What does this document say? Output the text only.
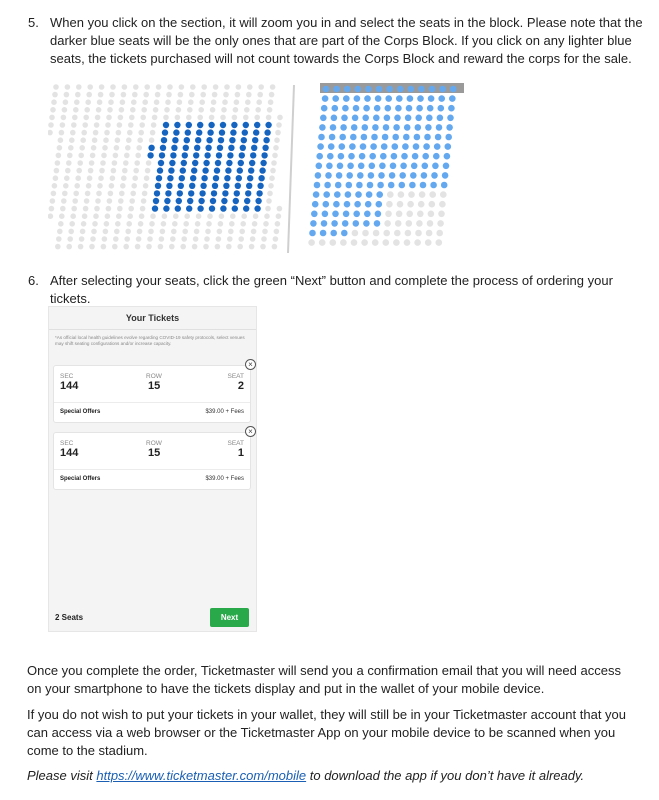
5. When you click on the section, it will zoom you in and select the seats in the block. Please note that the darker blue seats will be the only ones that are part of the Corps Block. If you click on any lighter blue seats, the tickets purchased will not count towards the Corps Block and reward the corps for the sale.
6. After selecting your seats, click the green “Next” button and complete the process of ordering your tickets.
Your Tickets
*As official local health guidelines evolve regarding COVID-19 safety protocols, select venues may shift seating configurations and/or increase capacity.
×
SEC
144
ROW
15
SEAT
2
Special Offers	$39.00 + Fees
×
SEC
144
ROW
15
SEAT
1
Special Offers	$39.00 + Fees
2 Seats	Next
Once you complete the order, Ticketmaster will send you a confirmation email that you will need access on your smartphone to have the tickets display and put in the wallet of your mobile device.
If you do not wish to put your tickets in your wallet, they will still be in your Ticketmaster account that you can access via a web browser or the Ticketmaster App on your mobile device to be scanned when you come to the stadium.
Please visit https://www.ticketmaster.com/mobile to download the app if you don’t have it already.
